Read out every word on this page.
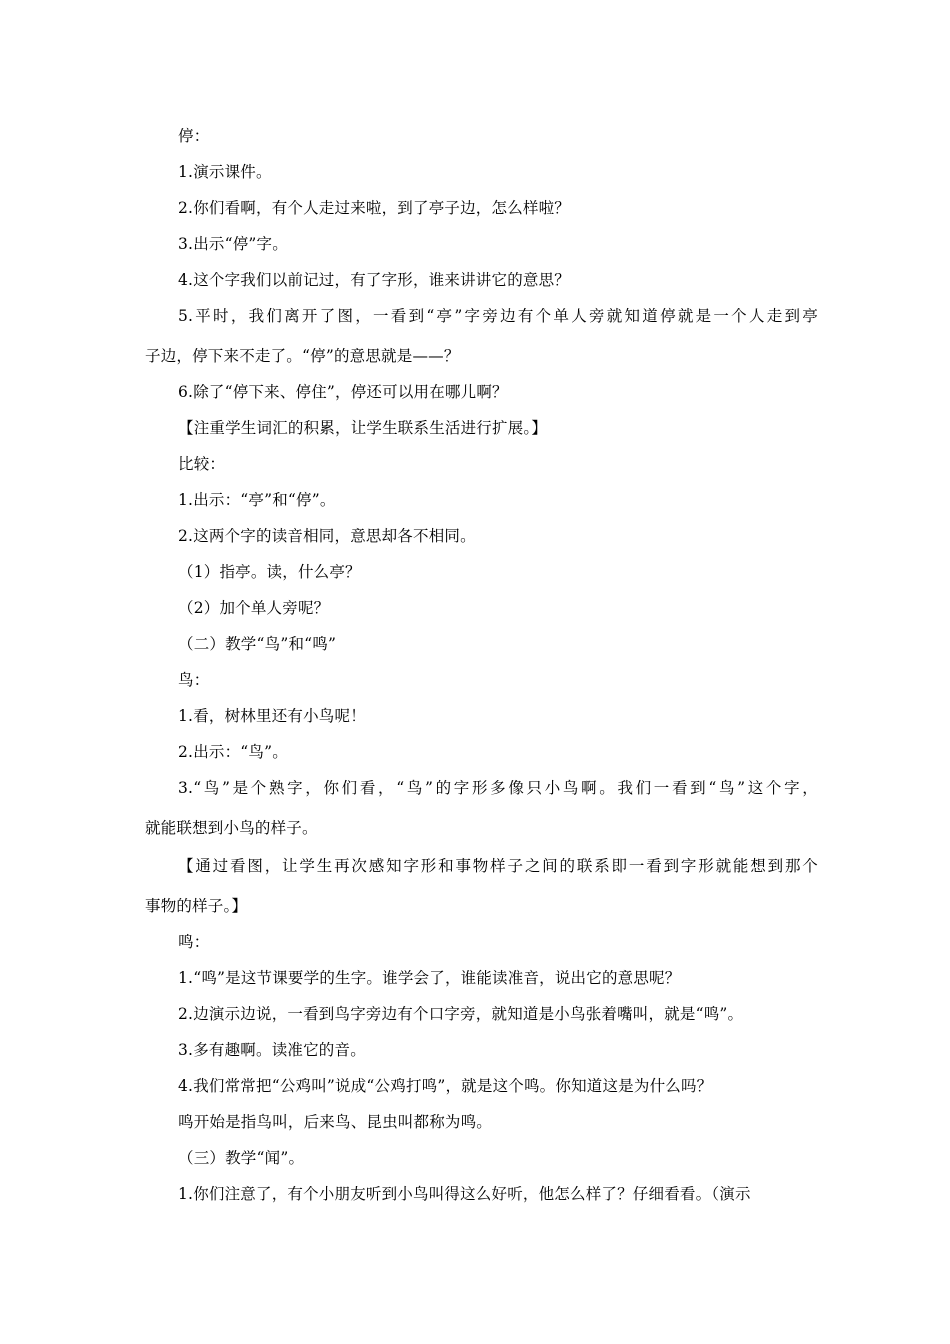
停：
1.演示课件。
2.你们看啊，有个人走过来啦，到了亭子边，怎么样啦？
3.出示“停”字。
4.这个字我们以前记过，有了字形，谁来讲讲它的意思？
5.平时，我们离开了图，一看到“亭”字旁边有个单人旁就知道停就是一个人走到亭
子边，停下来不走了。“停”的意思就是——？
6.除了“停下来、停住”，停还可以用在哪儿啊？
【注重学生词汇的积累，让学生联系生活进行扩展。】
比较：
1.出示：“亭”和“停”。
2.这两个字的读音相同，意思却各不相同。
（1）指亭。读，什么亭？
（2）加个单人旁呢？
（二）教学“鸟”和“鸣”
鸟：
1.看，树林里还有小鸟呢！
2.出示：“鸟”。
3.“鸟”是个熟字，你们看，“鸟”的字形多像只小鸟啊。我们一看到“鸟”这个字，
就能联想到小鸟的样子。
【通过看图，让学生再次感知字形和事物样子之间的联系即一看到字形就能想到那个
事物的样子。】
鸣：
1.“鸣”是这节课要学的生字。谁学会了，谁能读准音，说出它的意思呢？
2.边演示边说，一看到鸟字旁边有个口字旁，就知道是小鸟张着嘴叫，就是“鸣”。
3.多有趣啊。读准它的音。
4.我们常常把“公鸡叫”说成“公鸡打鸣”，就是这个鸣。你知道这是为什么吗？
鸣开始是指鸟叫，后来鸟、昆虫叫都称为鸣。
（三）教学“闻”。
1.你们注意了，有个小朋友听到小鸟叫得这么好听，他怎么样了？仔细看看。（演示
